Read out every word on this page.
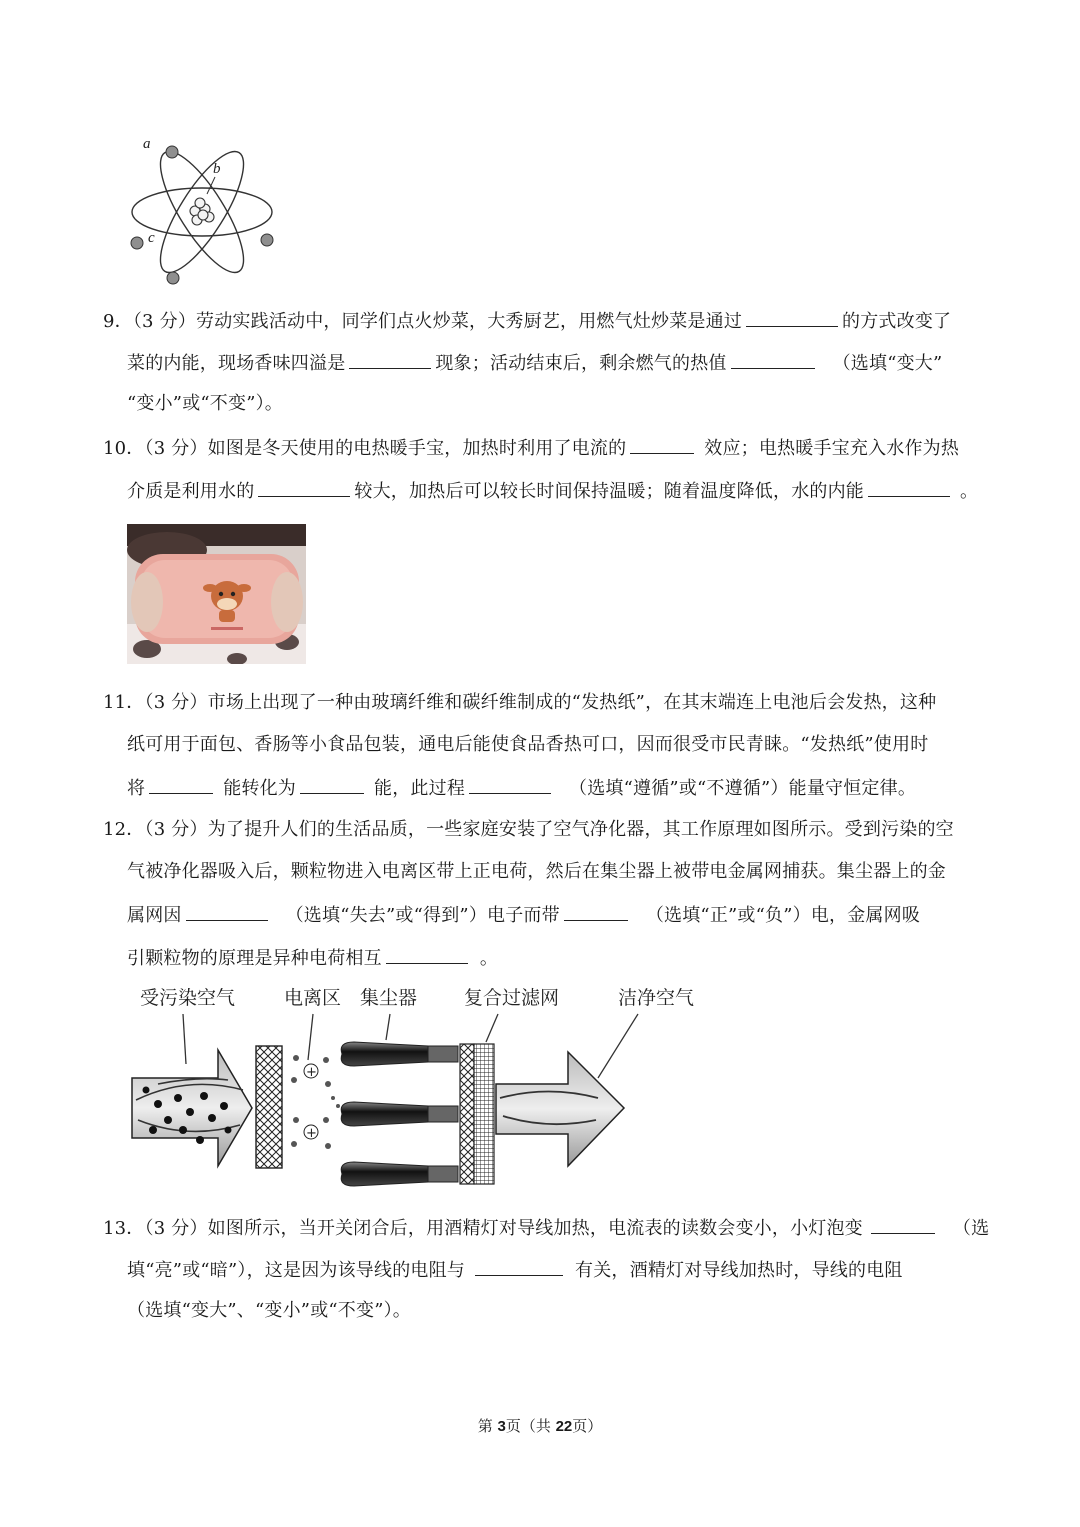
a
b
c
9．（3 分）劳动实践活动中，同学们点火炒菜，大秀厨艺，用燃气灶炒菜是通过	的方式改变了
菜的内能，现场香味四溢是	现象；活动结束后，剩余燃气的热值	（选填“变大”
“变小”或“不变”）。
10．（3 分）如图是冬天使用的电热暖手宝，加热时利用了电流的	效应；电热暖手宝充入水作为热
介质是利用水的	较大，加热后可以较长时间保持温暖；随着温度降低，水的内能	。
11．（3 分）市场上出现了一种由玻璃纤维和碳纤维制成的“发热纸”，在其末端连上电池后会发热，这种
纸可用于面包、香肠等小食品包装，通电后能使食品香热可口，因而很受市民青睐。“发热纸”使用时
将	能转化为	能，此过程	（选填“遵循”或“不遵循”）能量守恒定律。
12．（3 分）为了提升人们的生活品质，一些家庭安装了空气净化器，其工作原理如图所示。受到污染的空
气被净化器吸入后，颗粒物进入电离区带上正电荷，然后在集尘器上被带电金属网捕获。集尘器上的金
属网因	（选填“失去”或“得到”）电子而带	（选填“正”或“负”）电，金属网吸
引颗粒物的原理是异种电荷相互	。
受污染空气	电离区 集尘器 复合过滤网	洁净空气
+
+
13．（3 分）如图所示，当开关闭合后，用酒精灯对导线加热，电流表的读数会变小，小灯泡变	（选
填“亮”或“暗”），这是因为该导线的电阻与	有关，酒精灯对导线加热时，导线的电阻
（选填“变大”、“变小”或“不变”）。
第 3页（共 22页）
